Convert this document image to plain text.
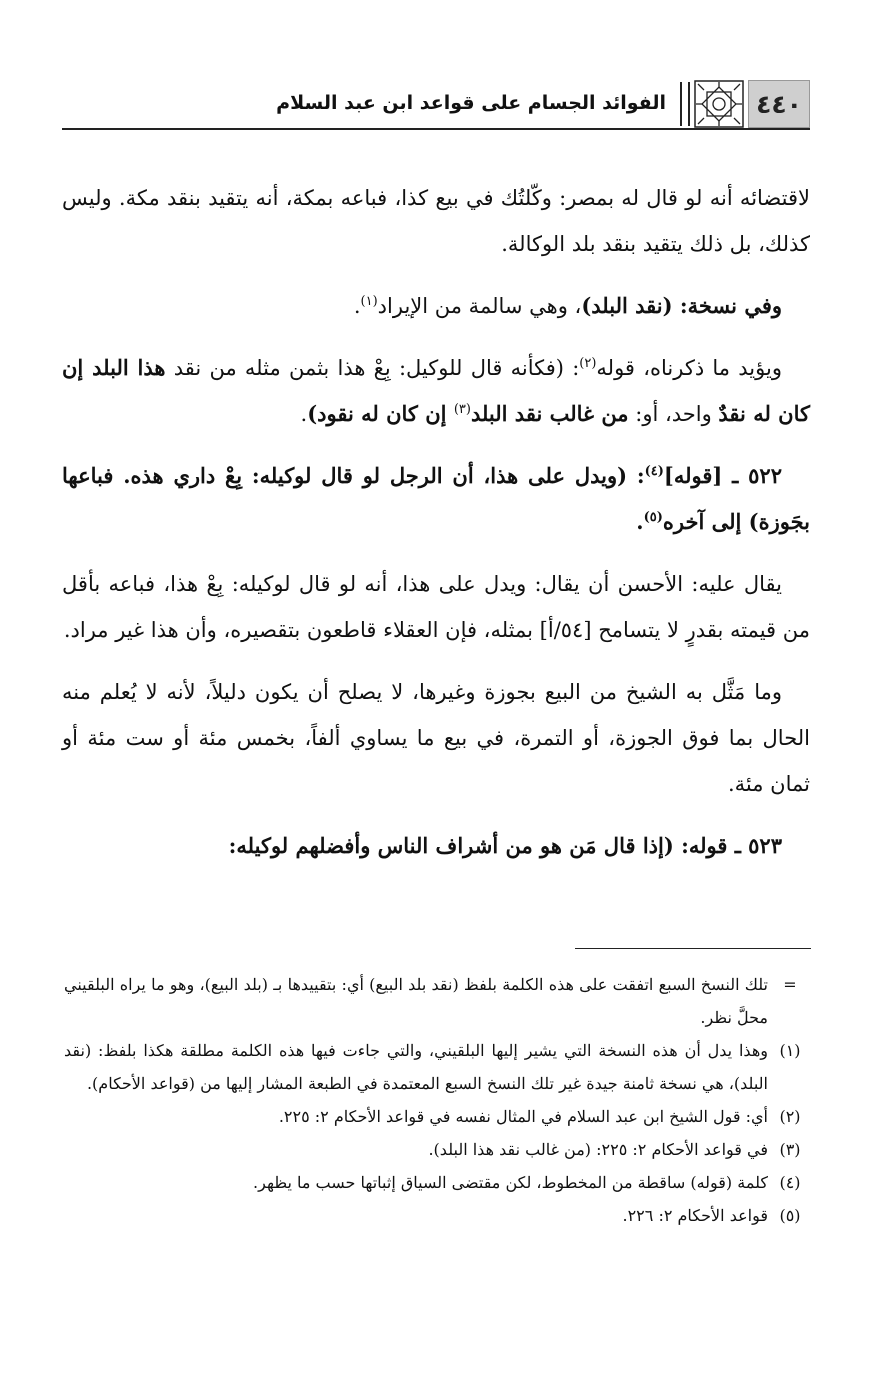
٤٤٠
الفوائد الجسام على قواعد ابن عبد السلام

لاقتضائه أنه لو قال له بمصر: وكّلتُك في بيع كذا، فباعه بمكة، أنه يتقيد بنقد مكة. وليس كذلك، بل ذلك يتقيد بنقد بلد الوكالة.

وفي نسخة: (نقد البلد)، وهي سالمة من الإيراد$^{(١)}$.

ويؤيد ما ذكرناه، قوله$^{(٢)}$: (فكأنه قال للوكيل: بِعْ هذا بثمن مثله من نقد هذا البلد إن كان له نقدٌ واحد، أو: من غالب نقد البلد$^{(٣)}$ إن كان له نقود).

٥٢٢ ـ [قوله]$^{(٤)}$: (ويدل على هذا، أن الرجل لو قال لوكيله: بِعْ داري هذه. فباعها بجَوزة) إلى آخره$^{(٥)}$.

يقال عليه: الأحسن أن يقال: ويدل على هذا، أنه لو قال لوكيله: بِعْ هذا، فباعه بأقل من قيمته بقدرٍ لا يتسامح [٥٤/أ] بمثله، فإن العقلاء قاطعون بتقصيره، وأن هذا غير مراد.

وما مَثَّل به الشيخ من البيع بجوزة وغيرها، لا يصلح أن يكون دليلاً، لأنه لا يُعلم منه الحال بما فوق الجوزة، أو التمرة، في بيع ما يساوي ألفاً، بخمس مئة أو ست مئة أو ثمان مئة.

٥٢٣ ـ قوله: (إذا قال مَن هو من أشراف الناس وأفضلهم لوكيله:

=
تلك النسخ السبع اتفقت على هذه الكلمة بلفظ (نقد بلد البيع) أي: بتقييدها بـ (بلد البيع)، وهو ما يراه البلقيني محلَّ نظر.
(١)
وهذا يدل أن هذه النسخة التي يشير إليها البلقيني، والتي جاءت فيها هذه الكلمة مطلقة هكذا بلفظ: (نقد البلد)، هي نسخة ثامنة جيدة غير تلك النسخ السبع المعتمدة في الطبعة المشار إليها من (قواعد الأحكام).
(٢)
أي: قول الشيخ ابن عبد السلام في المثال نفسه في قواعد الأحكام ٢: ٢٢٥.
(٣)
في قواعد الأحكام ٢: ٢٢٥: (من غالب نقد هذا البلد).
(٤)
كلمة (قوله) ساقطة من المخطوط، لكن مقتضى السياق إثباتها حسب ما يظهر.
(٥)
قواعد الأحكام ٢: ٢٢٦.
